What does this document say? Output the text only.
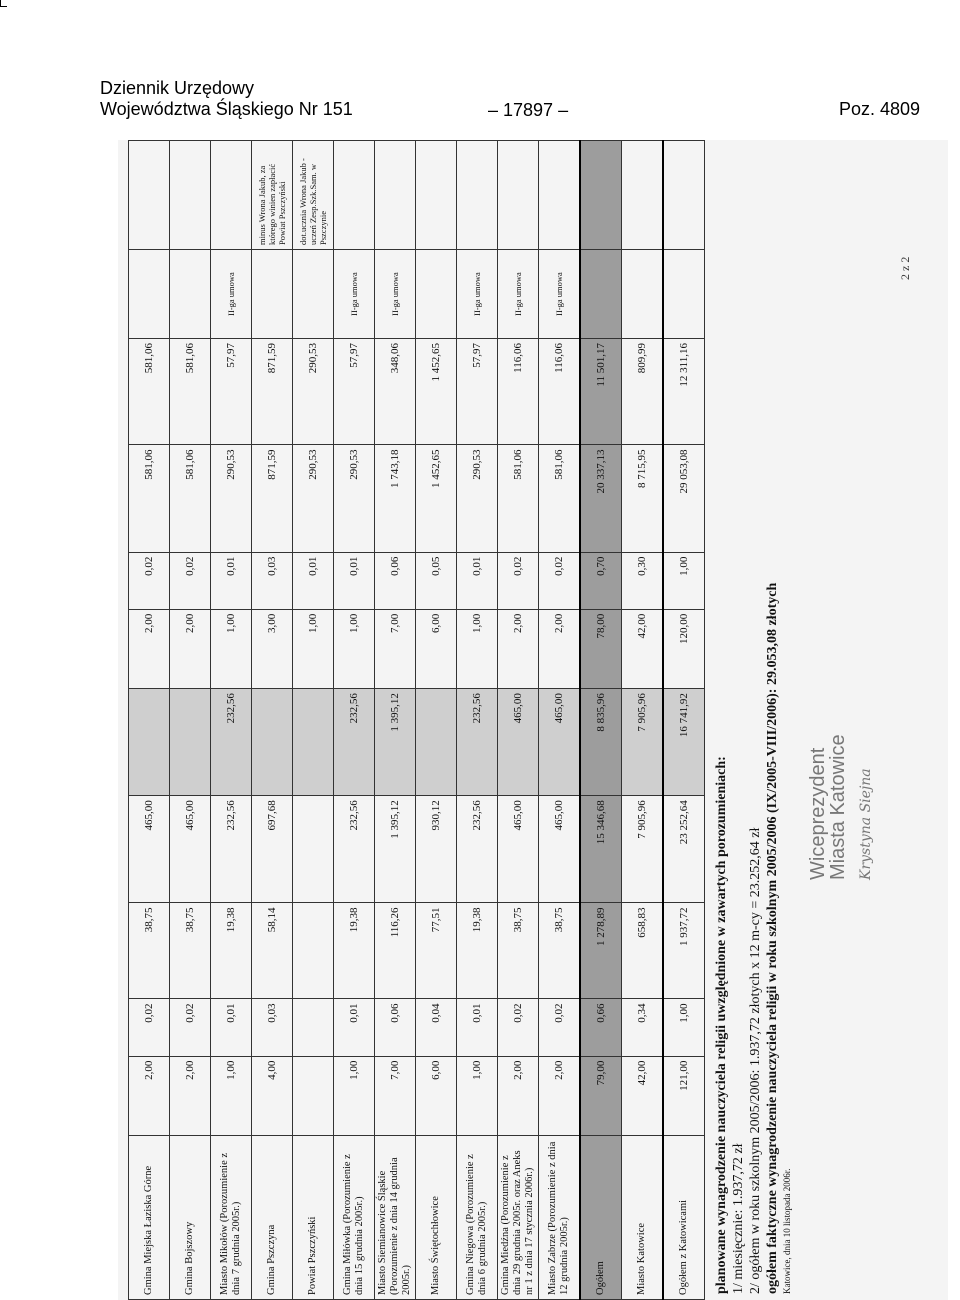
Dziennik Urzędowy
Województwa Śląskiego Nr 151	– 17897 –	Poz. 4809
Gmina Miejska Łaziska Górne	2,00	0,02	38,75	465,00		2,00	0,02	581,06	581,06		
Gmina Bojszowy	2,00	0,02	38,75	465,00		2,00	0,02	581,06	581,06		
Miasto Mikołów (Porozumienie z dnia 7 grudnia 2005r.)	1,00	0,01	19,38	232,56	232,56	1,00	0,01	290,53	57,97	II-ga umowa	
Gmina Pszczyna	4,00	0,03	58,14	697,68		3,00	0,03	871,59	871,59		minus Wrona Jakub, za którego winien zapłacić Powiat Pszczyński
Powiat Pszczyński						1,00	0,01	290,53	290,53		dot.ucznia Wrona Jakub - uczeń Zesp.Szk.Sam. w Pszczynie
Gmina Miłówka (Porozumienie z dnia 15 grudnia 2005r.)	1,00	0,01	19,38	232,56	232,56	1,00	0,01	290,53	57,97	II-ga umowa	
Miasto Siemianowice Śląskie (Porozumienie z dnia 14 grudnia 2005r.)	7,00	0,06	116,26	1 395,12	1 395,12	7,00	0,06	1 743,18	348,06	II-ga umowa	
Miasto Świętochłowice	6,00	0,04	77,51	930,12		6,00	0,05	1 452,65	1 452,65		
Gmina Niegowa (Porozumienie z dnia 6 grudnia 2005r.)	1,00	0,01	19,38	232,56	232,56	1,00	0,01	290,53	57,97	II-ga umowa	
Gmina Miedźna (Porozumienie z dnia 29 grudnia 2005r. oraz Aneks nr 1 z dnia 17 stycznia 2006r.)	2,00	0,02	38,75	465,00	465,00	2,00	0,02	581,06	116,06	II-ga umowa	
Miasto Zabrze (Porozumienie z dnia 12 grudnia 2005r.)	2,00	0,02	38,75	465,00	465,00	2,00	0,02	581,06	116,06	II-ga umowa	
Ogółem	79,00	0,66	1 278,89	15 346,68	8 835,96	78,00	0,70	20 337,13	11 501,17		
Miasto Katowice	42,00	0,34	658,83	7 905,96	7 905,96	42,00	0,30	8 715,95	809,99		
Ogółem z Katowicami	121,00	1,00	1 937,72	23 252,64	16 741,92	120,00	1,00	29 053,08	12 311,16		
planowane wynagrodzenie nauczyciela religii uwzględnione w zawartych porozumieniach: 1/ miesięcznie: 1.937,72 zł 2/ ogółem w roku szkolnym 2005/2006: 1.937,72 złotych x 12 m-cy = 23.252,64 zł ogółem faktyczne wynagrodzenie nauczyciela religii w roku szkolnym 2005/2006 (IX/2005-VIII/2006): 29.053,08 złotych Katowice, dnia 10 listopada 2006r.
Wiceprezydent
Miasta Katowice Krystyna Siejna
2 z 2
